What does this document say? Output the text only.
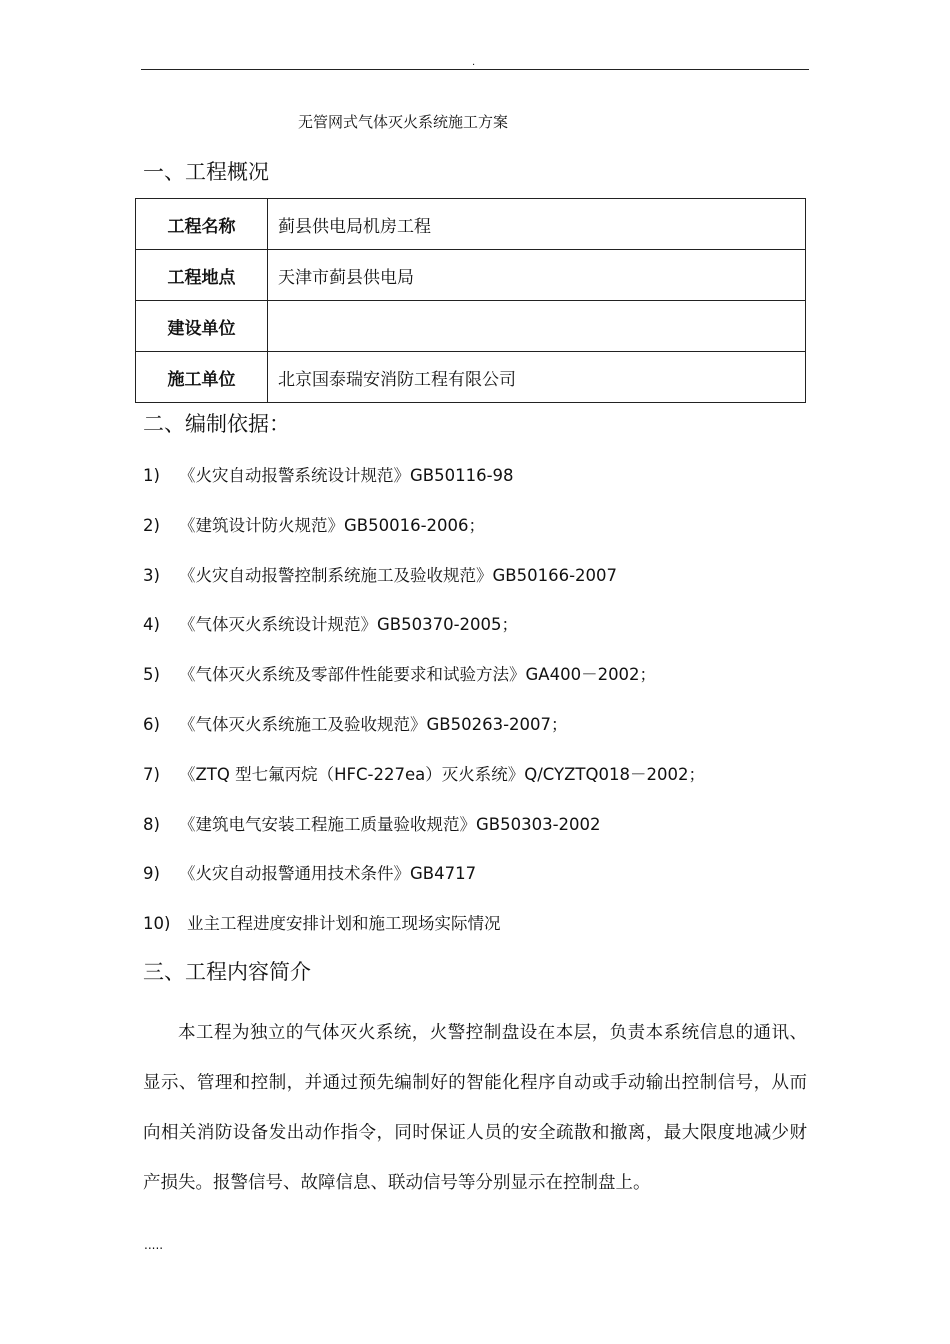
.
无管网式气体灭火系统施工方案
一、工程概况
工程名称	蓟县供电局机房工程
工程地点	天津市蓟县供电局
建设单位	
施工单位	北京国泰瑞安消防工程有限公司
二、编制依据：
1) 《火灾自动报警系统设计规范》GB50116-98
2) 《建筑设计防火规范》GB50016-2006；
3) 《火灾自动报警控制系统施工及验收规范》GB50166-2007
4) 《气体灭火系统设计规范》GB50370-2005；
5) 《气体灭火系统及零部件性能要求和试验方法》GA400－2002；
6) 《气体灭火系统施工及验收规范》GB50263-2007；
7) 《ZTQ 型七氟丙烷（HFC-227ea）灭火系统》Q/CYZTQ018－2002；
8) 《建筑电气安装工程施工质量验收规范》GB50303-2002
9) 《火灾自动报警通用技术条件》GB4717
10) 业主工程进度安排计划和施工现场实际情况
三、工程内容简介

本工程为独立的气体灭火系统，火警控制盘设在本层，负责本系统信息的通讯、显示、管理和控制，并通过预先编制好的智能化程序自动或手动输出控制信号，从而向相关消防设备发出动作指令，同时保证人员的安全疏散和撤离，最大限度地减少财产损失。报警信号、故障信息、联动信号等分别显示在控制盘上。

.....
